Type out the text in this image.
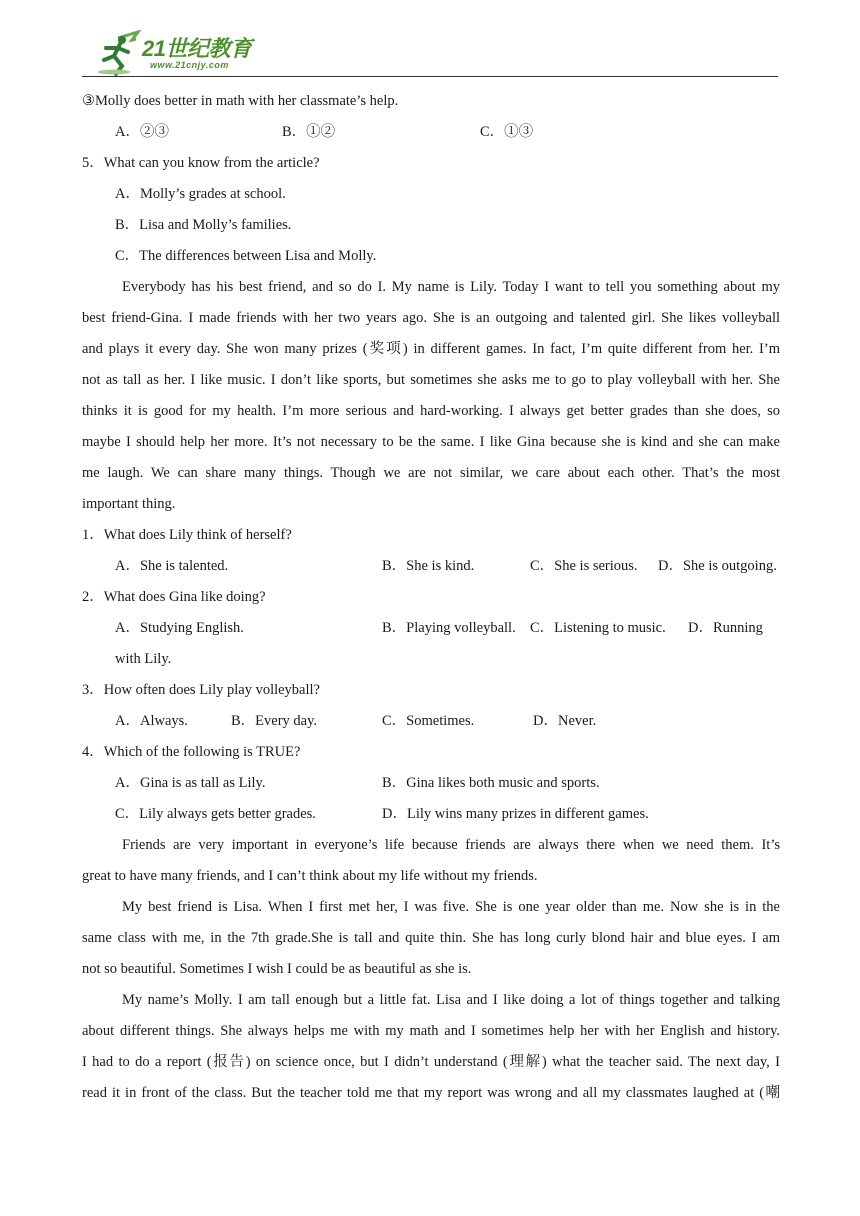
21世纪教育
www.21cnjy.com
③Molly does better in math with her classmate’s help.
A．②③	B．①②	C．①③
5．What can you know from the article?
A．Molly’s grades at school.
B．Lisa and Molly’s families.
C．The differences between Lisa and Molly.
Everybody has his best friend, and so do I. My name is Lily. Today I want to tell you something about my
best friend-Gina. I made friends with her two years ago. She is an outgoing and talented girl. She likes volleyball
and plays it every day. She won many prizes (奖项) in different games. In fact, I’m quite different from her. I’m
not as tall as her. I like music. I don’t like sports, but sometimes she asks me to go to play volleyball with her. She
thinks it is good for my health. I’m more serious and hard-working. I always get better grades than she does, so
maybe I should help her more. It’s not necessary to be the same. I like Gina because she is kind and she can make
me laugh. We can share many things. Though we are not similar, we care about each other. That’s the most
important thing.
1．What does Lily think of herself?
A．She is talented.	B．She is kind.	C．She is serious. D．She is outgoing.
2．What does Gina like doing?
A．Studying English.	B．Playing volleyball. C．Listening to music. D．Running
with Lily.
3．How often does Lily play volleyball?
A．Always.	B．Every day.	C．Sometimes.	D．Never.
4．Which of the following is TRUE?
A．Gina is as tall as Lily.	B．Gina likes both music and sports.
C．Lily always gets better grades.	D．Lily wins many prizes in different games.
Friends are very important in everyone’s life because friends are always there when we need them. It’s
great to have many friends, and I can’t think about my life without my friends.
My best friend is Lisa. When I first met her, I was five. She is one year older than me. Now she is in the
same class with me, in the 7th grade.She is tall and quite thin. She has long curly blond hair and blue eyes. I am
not so beautiful. Sometimes I wish I could be as beautiful as she is.
My name’s Molly. I am tall enough but a little fat. Lisa and I like doing a lot of things together and talking
about different things. She always helps me with my math and I sometimes help her with her English and history.
I had to do a report (报告) on science once, but I didn’t understand (理解) what the teacher said. The next day, I
read it in front of the class. But the teacher told me that my report was wrong and all my classmates laughed at (嘲
